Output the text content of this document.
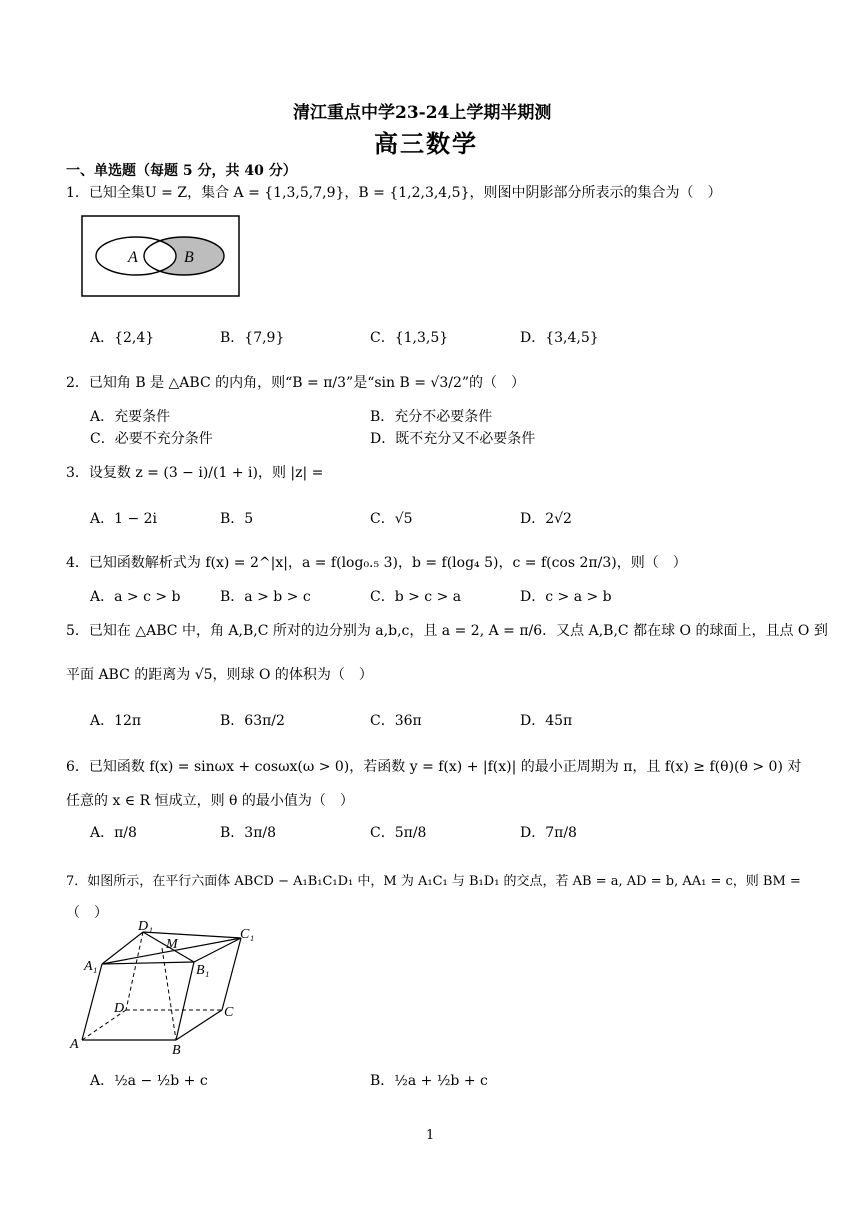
清江重点中学23-24上学期半期测
高三数学
一、单选题（每题 5 分，共 40 分）
1．已知全集U = Z，集合 A = {1,3,5,7,9}，B = {1,2,3,4,5}，则图中阴影部分所表示的集合为（　）
A	B
A．{2,4}	B．{7,9}	C．{1,3,5}	D．{3,4,5}
2．已知角 B 是 △ABC 的内角，则“B = π/3”是“sin B = √3/2”的（　）
A．充要条件	B．充分不必要条件
C．必要不充分条件	D．既不充分又不必要条件
3．设复数 z = (3 − i)/(1 + i)，则 |z| =
A．1 − 2i	B．5	C．√5	D．2√2
4．已知函数解析式为 f(x) = 2^|x|，a = f(log₀.₅ 3)，b = f(log₄ 5)，c = f(cos 2π/3)，则（　）
A．a > c > b	B．a > b > c	C．b > c > a	D．c > a > b
5．已知在 △ABC 中，角 A,B,C 所对的边分别为 a,b,c，且 a = 2, A = π/6．又点 A,B,C 都在球 O 的球面上，且点 O 到
平面 ABC 的距离为 √5，则球 O 的体积为（　）
A．12π	B．63π/2	C．36π	D．45π
6．已知函数 f(x) = sinωx + cosωx(ω > 0)，若函数 y = f(x) + |f(x)| 的最小正周期为 π，且 f(x) ≥ f(θ)(θ > 0) 对
任意的 x ∈ R 恒成立，则 θ 的最小值为（　）
A．π/8	B．3π/8	C．5π/8	D．7π/8
7．如图所示，在平行六面体 ABCD − A₁B₁C₁D₁ 中，M 为 A₁C₁ 与 B₁D₁ 的交点，若 AB = a, AD = b, AA₁ = c，则 BM =
（　）
D₁
M
C₁
A₁	B₁
D	C
A	B
A．½a − ½b + c	B．½a + ½b + c
1
